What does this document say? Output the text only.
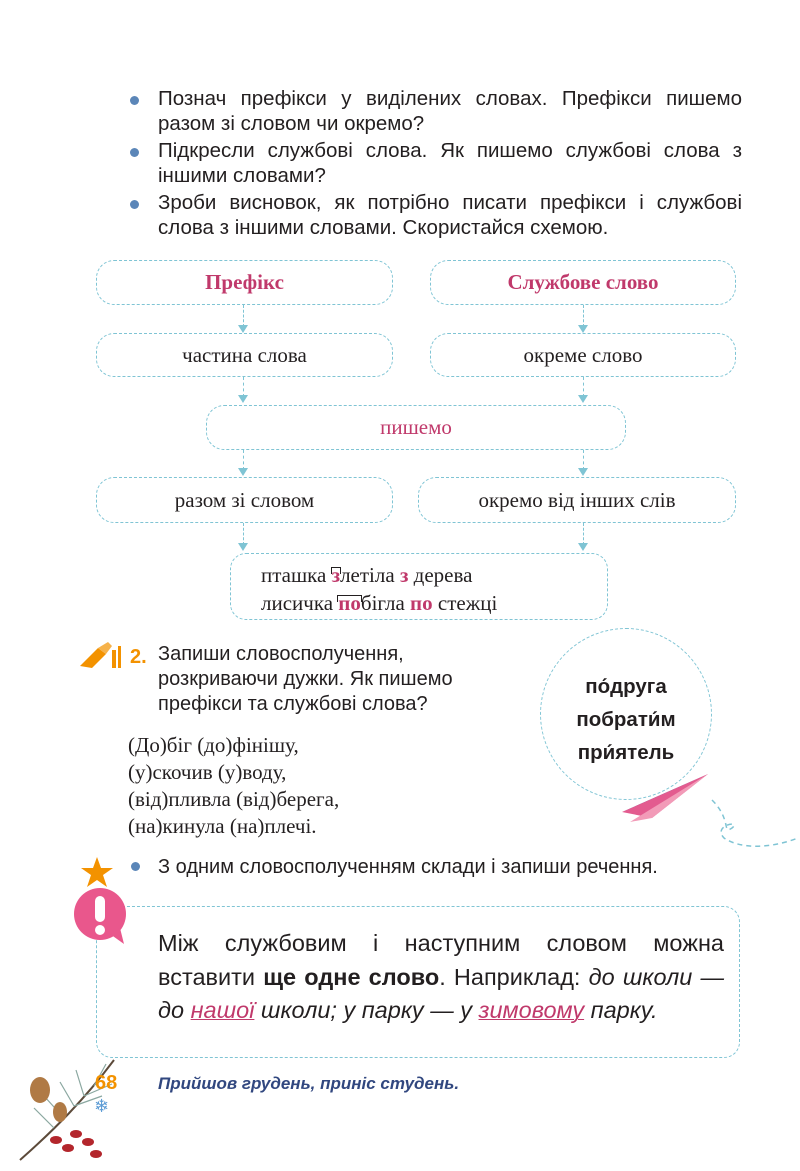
Познач префікси у виділених словах. Префікси пишемо разом зі словом чи окремо?
Підкресли службові слова. Як пишемо службові слова з іншими словами?
Зроби висновок, як потрібно писати префікси і службові слова з іншими словами. Скористайся схемою.
Префікс	Службове слово
частина слова	окреме слово
пишемо
разом зі словом	окремо від інших слів
пташка злетіла з дерева
лисичка побігла по стежці
2. Запиши словосполучення, розкриваючи дужки. Як пишемо префікси та службові слова?
(До)біг (до)фінішу,
(у)скочив (у)воду,
(від)пливла (від)берега,
(на)кинула (на)плечі.
по́друга
побрати́м
при́ятель
З одним словосполученням склади і запиши речення.
Між службовим і наступним словом можна вставити ще одне слово. Наприклад: до школи — до нашої школи; у парку — у зимовому парку.
❄
68 Прийшов грудень, приніс студень.
